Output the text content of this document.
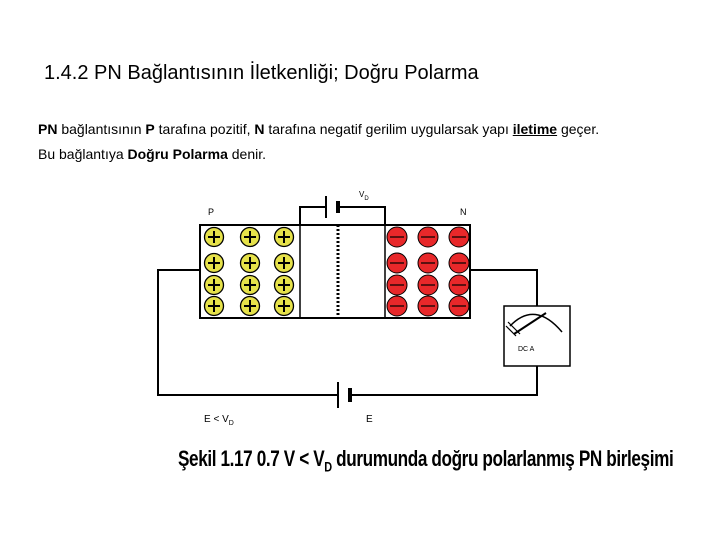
1.4.2 PN Bağlantısının İletkenliği; Doğru Polarma
PN bağlantısının P tarafına pozitif, N tarafına negatif gerilim uygularsak yapı iletime geçer.
Bu bağlantıya Doğru Polarma denir.
$V_D$
P	N
DC A
$E < V_D$	E
Şekil 1.17 0.7 $V < V_D$ durumunda doğru polarlanmış PN birleşimi
